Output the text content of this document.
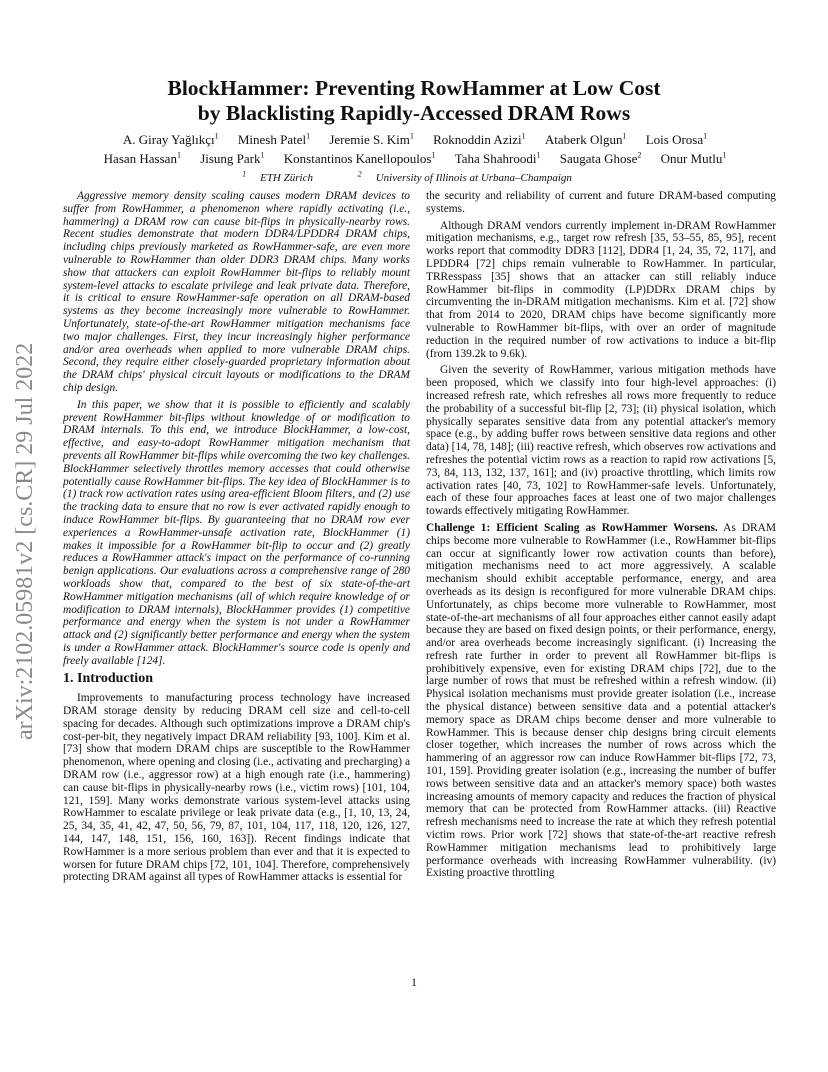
arXiv:2102.05981v2 [cs.CR] 29 Jul 2022
BlockHammer: Preventing RowHammer at Low Cost
by Blacklisting Rapidly-Accessed DRAM Rows
A. Giray Yağlıkçı$^1$ Minesh Patel$^1$ Jeremie S. Kim$^1$ Roknoddin Azizi$^1$ Ataberk Olgun$^1$ Lois Orosa$^1$
Hasan Hassan$^1$ Jisung Park$^1$ Konstantinos Kanellopoulos$^1$ Taha Shahroodi$^1$ Saugata Ghose$^2$ Onur Mutlu$^1$
$^1$ ETH Zürich	$^2$ University of Illinois at Urbana–Champaign

Aggressive memory density scaling causes modern DRAM devices to suffer from RowHammer, a phenomenon where rapidly activating (i.e., hammering) a DRAM row can cause bit-flips in physically-nearby rows. Recent studies demonstrate that modern DDR4/LPDDR4 DRAM chips, including chips previously marketed as RowHammer-safe, are even more vulnerable to RowHammer than older DDR3 DRAM chips. Many works show that attackers can exploit RowHammer bit-flips to reliably mount system-level attacks to escalate privilege and leak private data. Therefore, it is critical to ensure RowHammer-safe operation on all DRAM-based systems as they become increasingly more vulnerable to RowHammer. Unfortunately, state-of-the-art RowHammer mitigation mechanisms face two major challenges. First, they incur increasingly higher performance and/or area overheads when applied to more vulnerable DRAM chips. Second, they require either closely-guarded proprietary information about the DRAM chips' physical circuit layouts or modifications to the DRAM chip design.

In this paper, we show that it is possible to efficiently and scalably prevent RowHammer bit-flips without knowledge of or modification to DRAM internals. To this end, we introduce BlockHammer, a low-cost, effective, and easy-to-adopt RowHammer mitigation mechanism that prevents all RowHammer bit-flips while overcoming the two key challenges. BlockHammer selectively throttles memory accesses that could otherwise potentially cause RowHammer bit-flips. The key idea of BlockHammer is to (1) track row activation rates using area-efficient Bloom filters, and (2) use the tracking data to ensure that no row is ever activated rapidly enough to induce RowHammer bit-flips. By guaranteeing that no DRAM row ever experiences a RowHammer-unsafe activation rate, BlockHammer (1) makes it impossible for a RowHammer bit-flip to occur and (2) greatly reduces a RowHammer attack's impact on the performance of co-running benign applications. Our evaluations across a comprehensive range of 280 workloads show that, compared to the best of six state-of-the-art RowHammer mitigation mechanisms (all of which require knowledge of or modification to DRAM internals), BlockHammer provides (1) competitive performance and energy when the system is not under a RowHammer attack and (2) significantly better performance and energy when the system is under a RowHammer attack. BlockHammer's source code is openly and freely available [124].

1. Introduction

Improvements to manufacturing process technology have increased DRAM storage density by reducing DRAM cell size and cell-to-cell spacing for decades. Although such optimizations improve a DRAM chip's cost-per-bit, they negatively impact DRAM reliability [93, 100]. Kim et al. [73] show that modern DRAM chips are susceptible to the RowHammer phenomenon, where opening and closing (i.e., activating and precharging) a DRAM row (i.e., aggressor row) at a high enough rate (i.e., hammering) can cause bit-flips in physically-nearby rows (i.e., victim rows) [101, 104, 121, 159]. Many works demonstrate various system-level attacks using RowHammer to escalate privilege or leak private data (e.g., [1, 10, 13, 24, 25, 34, 35, 41, 42, 47, 50, 56, 79, 87, 101, 104, 117, 118, 120, 126, 127, 144, 147, 148, 151, 156, 160, 163]). Recent findings indicate that RowHammer is a more serious problem than ever and that it is expected to worsen for future DRAM chips [72, 101, 104]. Therefore, comprehensively protecting DRAM against all types of RowHammer attacks is essential for

the security and reliability of current and future DRAM-based computing systems.

Although DRAM vendors currently implement in-DRAM RowHammer mitigation mechanisms, e.g., target row refresh [35, 53–55, 85, 95], recent works report that commodity DDR3 [112], DDR4 [1, 24, 35, 72, 117], and LPDDR4 [72] chips remain vulnerable to RowHammer. In particular, TRResspass [35] shows that an attacker can still reliably induce RowHammer bit-flips in commodity (LP)DDRx DRAM chips by circumventing the in-DRAM mitigation mechanisms. Kim et al. [72] show that from 2014 to 2020, DRAM chips have become significantly more vulnerable to RowHammer bit-flips, with over an order of magnitude reduction in the required number of row activations to induce a bit-flip (from 139.2k to 9.6k).

Given the severity of RowHammer, various mitigation methods have been proposed, which we classify into four high-level approaches: (i) increased refresh rate, which refreshes all rows more frequently to reduce the probability of a successful bit-flip [2, 73]; (ii) physical isolation, which physically separates sensitive data from any potential attacker's memory space (e.g., by adding buffer rows between sensitive data regions and other data) [14, 78, 148]; (iii) reactive refresh, which observes row activations and refreshes the potential victim rows as a reaction to rapid row activations [5, 73, 84, 113, 132, 137, 161]; and (iv) proactive throttling, which limits row activation rates [40, 73, 102] to RowHammer-safe levels. Unfortunately, each of these four approaches faces at least one of two major challenges towards effectively mitigating RowHammer.

Challenge 1: Efficient Scaling as RowHammer Worsens. As DRAM chips become more vulnerable to RowHammer (i.e., RowHammer bit-flips can occur at significantly lower row activation counts than before), mitigation mechanisms need to act more aggressively. A scalable mechanism should exhibit acceptable performance, energy, and area overheads as its design is reconfigured for more vulnerable DRAM chips. Unfortunately, as chips become more vulnerable to RowHammer, most state-of-the-art mechanisms of all four approaches either cannot easily adapt because they are based on fixed design points, or their performance, energy, and/or area overheads become increasingly significant. (i) Increasing the refresh rate further in order to prevent all RowHammer bit-flips is prohibitively expensive, even for existing DRAM chips [72], due to the large number of rows that must be refreshed within a refresh window. (ii) Physical isolation mechanisms must provide greater isolation (i.e., increase the physical distance) between sensitive data and a potential attacker's memory space as DRAM chips become denser and more vulnerable to RowHammer. This is because denser chip designs bring circuit elements closer together, which increases the number of rows across which the hammering of an aggressor row can induce RowHammer bit-flips [72, 73, 101, 159]. Providing greater isolation (e.g., increasing the number of buffer rows between sensitive data and an attacker's memory space) both wastes increasing amounts of memory capacity and reduces the fraction of physical memory that can be protected from RowHammer attacks. (iii) Reactive refresh mechanisms need to increase the rate at which they refresh potential victim rows. Prior work [72] shows that state-of-the-art reactive refresh RowHammer mitigation mechanisms lead to prohibitively large performance overheads with increasing RowHammer vulnerability. (iv) Existing proactive throttling

1
